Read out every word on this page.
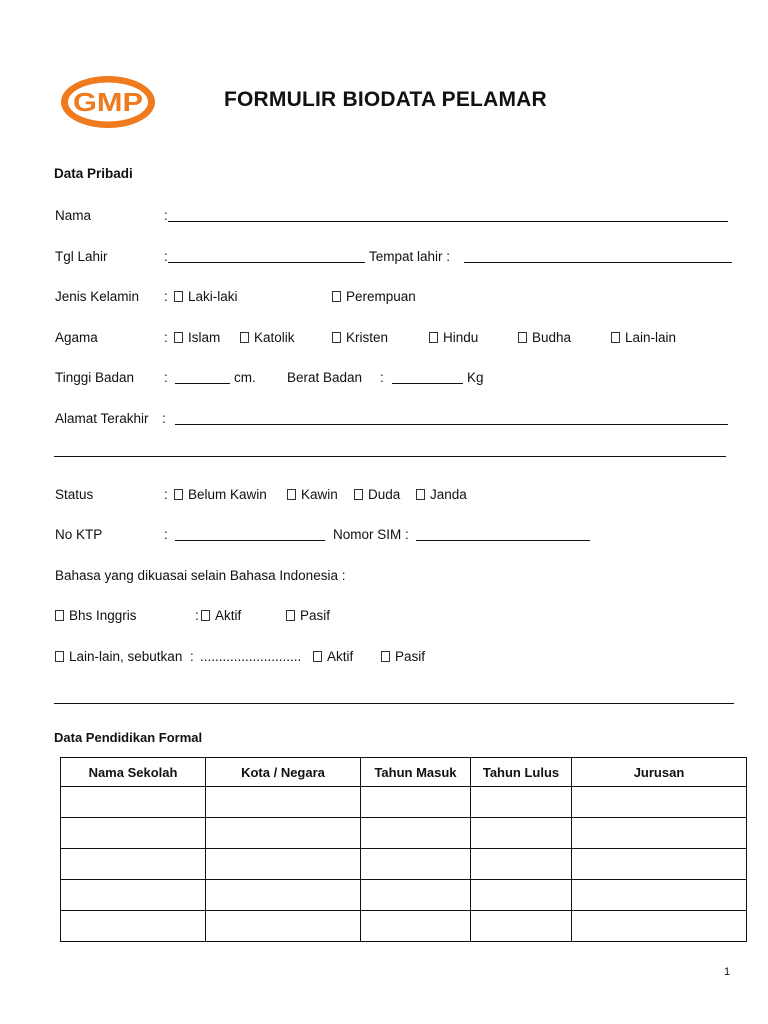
GMP	FORMULIR BIODATA PELAMAR
Data Pribadi
Nama	:
Tgl Lahir	:	Tempat lahir :
Jenis Kelamin :	Laki-laki	Perempuan
Agama	:	Islam	Katolik	Kristen	Hindu	Budha	Lain-lain
Tinggi Badan :	cm. Berat Badan :	Kg
Alamat Terakhir :
Status	:	Belum Kawin	Kawin	Duda	Janda
No KTP	:	Nomor SIM :
Bahasa yang dikuasai selain Bahasa Indonesia :
Bhs Inggris	:	Aktif	Pasif
Lain-lain, sebutkan : ...........................	Aktif	Pasif
Data Pendidikan Formal
Nama Sekolah	Kota / Negara	Tahun Masuk	Tahun Lulus	Jurusan

1
